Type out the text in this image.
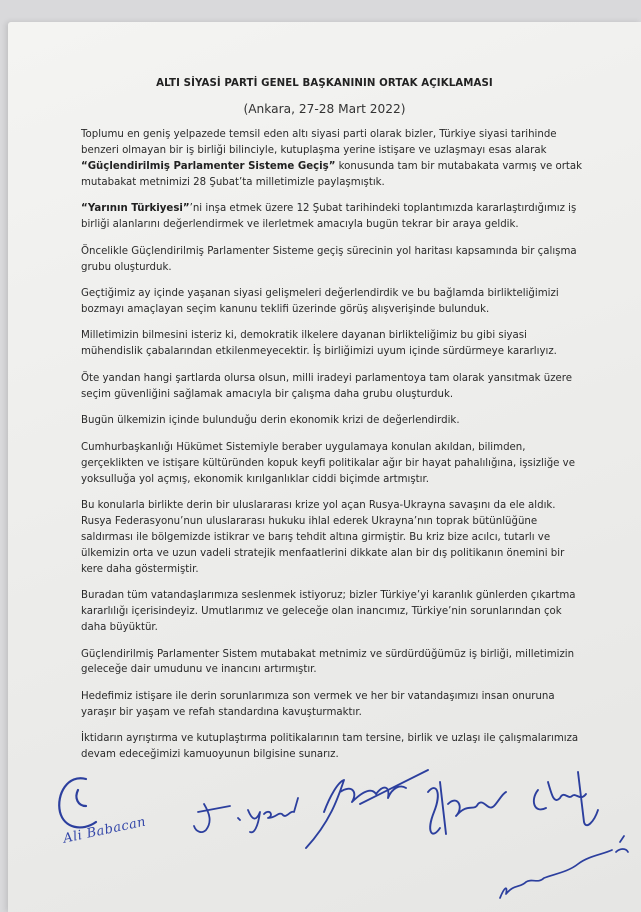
ALTI SİYASİ PARTİ GENEL BAŞKANININ ORTAK AÇIKLAMASI
(Ankara, 27-28 Mart 2022)

Toplumu en geniş yelpazede temsil eden altı siyasi parti olarak bizler, Türkiye siyasi tarihinde benzeri olmayan bir iş birliği bilinciyle, kutuplaşma yerine istişare ve uzlaşmayı esas alarak “Güçlendirilmiş Parlamenter Sisteme Geçiş” konusunda tam bir mutabakata varmış ve ortak mutabakat metnimizi 28 Şubat’ta milletimizle paylaşmıştık.

“Yarının Türkiyesi”’ni inşa etmek üzere 12 Şubat tarihindeki toplantımızda kararlaştırdığımız iş birliği alanlarını değerlendirmek ve ilerletmek amacıyla bugün tekrar bir araya geldik.

Öncelikle Güçlendirilmiş Parlamenter Sisteme geçiş sürecinin yol haritası kapsamında bir çalışma grubu oluşturduk.

Geçtiğimiz ay içinde yaşanan siyasi gelişmeleri değerlendirdik ve bu bağlamda birlikteliğimizi bozmayı amaçlayan seçim kanunu teklifi üzerinde görüş alışverişinde bulunduk.

Milletimizin bilmesini isteriz ki, demokratik ilkelere dayanan birlikteliğimiz bu gibi siyasi mühendislik çabalarından etkilenmeyecektir. İş birliğimizi uyum içinde sürdürmeye kararlıyız.

Öte yandan hangi şartlarda olursa olsun, milli iradeyi parlamentoya tam olarak yansıtmak üzere seçim güvenliğini sağlamak amacıyla bir çalışma daha grubu oluşturduk.

Bugün ülkemizin içinde bulunduğu derin ekonomik krizi de değerlendirdik.

Cumhurbaşkanlığı Hükümet Sistemiyle beraber uygulamaya konulan akıldan, bilimden, gerçeklikten ve istişare kültüründen kopuk keyfi politikalar ağır bir hayat pahalılığına, işsizliğe ve yoksulluğa yol açmış, ekonomik kırılganlıklar ciddi biçimde artmıştır.

Bu konularla birlikte derin bir uluslararası krize yol açan Rusya-Ukrayna savaşını da ele aldık. Rusya Federasyonu’nun uluslararası hukuku ihlal ederek Ukrayna’nın toprak bütünlüğüne saldırması ile bölgemizde istikrar ve barış tehdit altına girmiştir. Bu kriz bize acılcı, tutarlı ve ülkemizin orta ve uzun vadeli stratejik menfaatlerini dikkate alan bir dış politikanın önemini bir kere daha göstermiştir.

Buradan tüm vatandaşlarımıza seslenmek istiyoruz; bizler Türkiye’yi karanlık günlerden çıkartma kararlılığı içerisindeyiz. Umutlarımız ve geleceğe olan inancımız, Türkiye’nin sorunlarından çok daha büyüktür.

Güçlendirilmiş Parlamenter Sistem mutabakat metnimiz ve sürdürdüğümüz iş birliği, milletimizin geleceğe dair umudunu ve inancını artırmıştır.

Hedefimiz istişare ile derin sorunlarımıza son vermek ve her bir vatandaşımızı insan onuruna yaraşır bir yaşam ve refah standardına kavuşturmaktır.

İktidarın ayrıştırma ve kutuplaştırma politikalarının tam tersine, birlik ve uzlaşı ile çalışmalarımıza devam edeceğimizi kamuoyunun bilgisine sunarız.

Ali Babacan
